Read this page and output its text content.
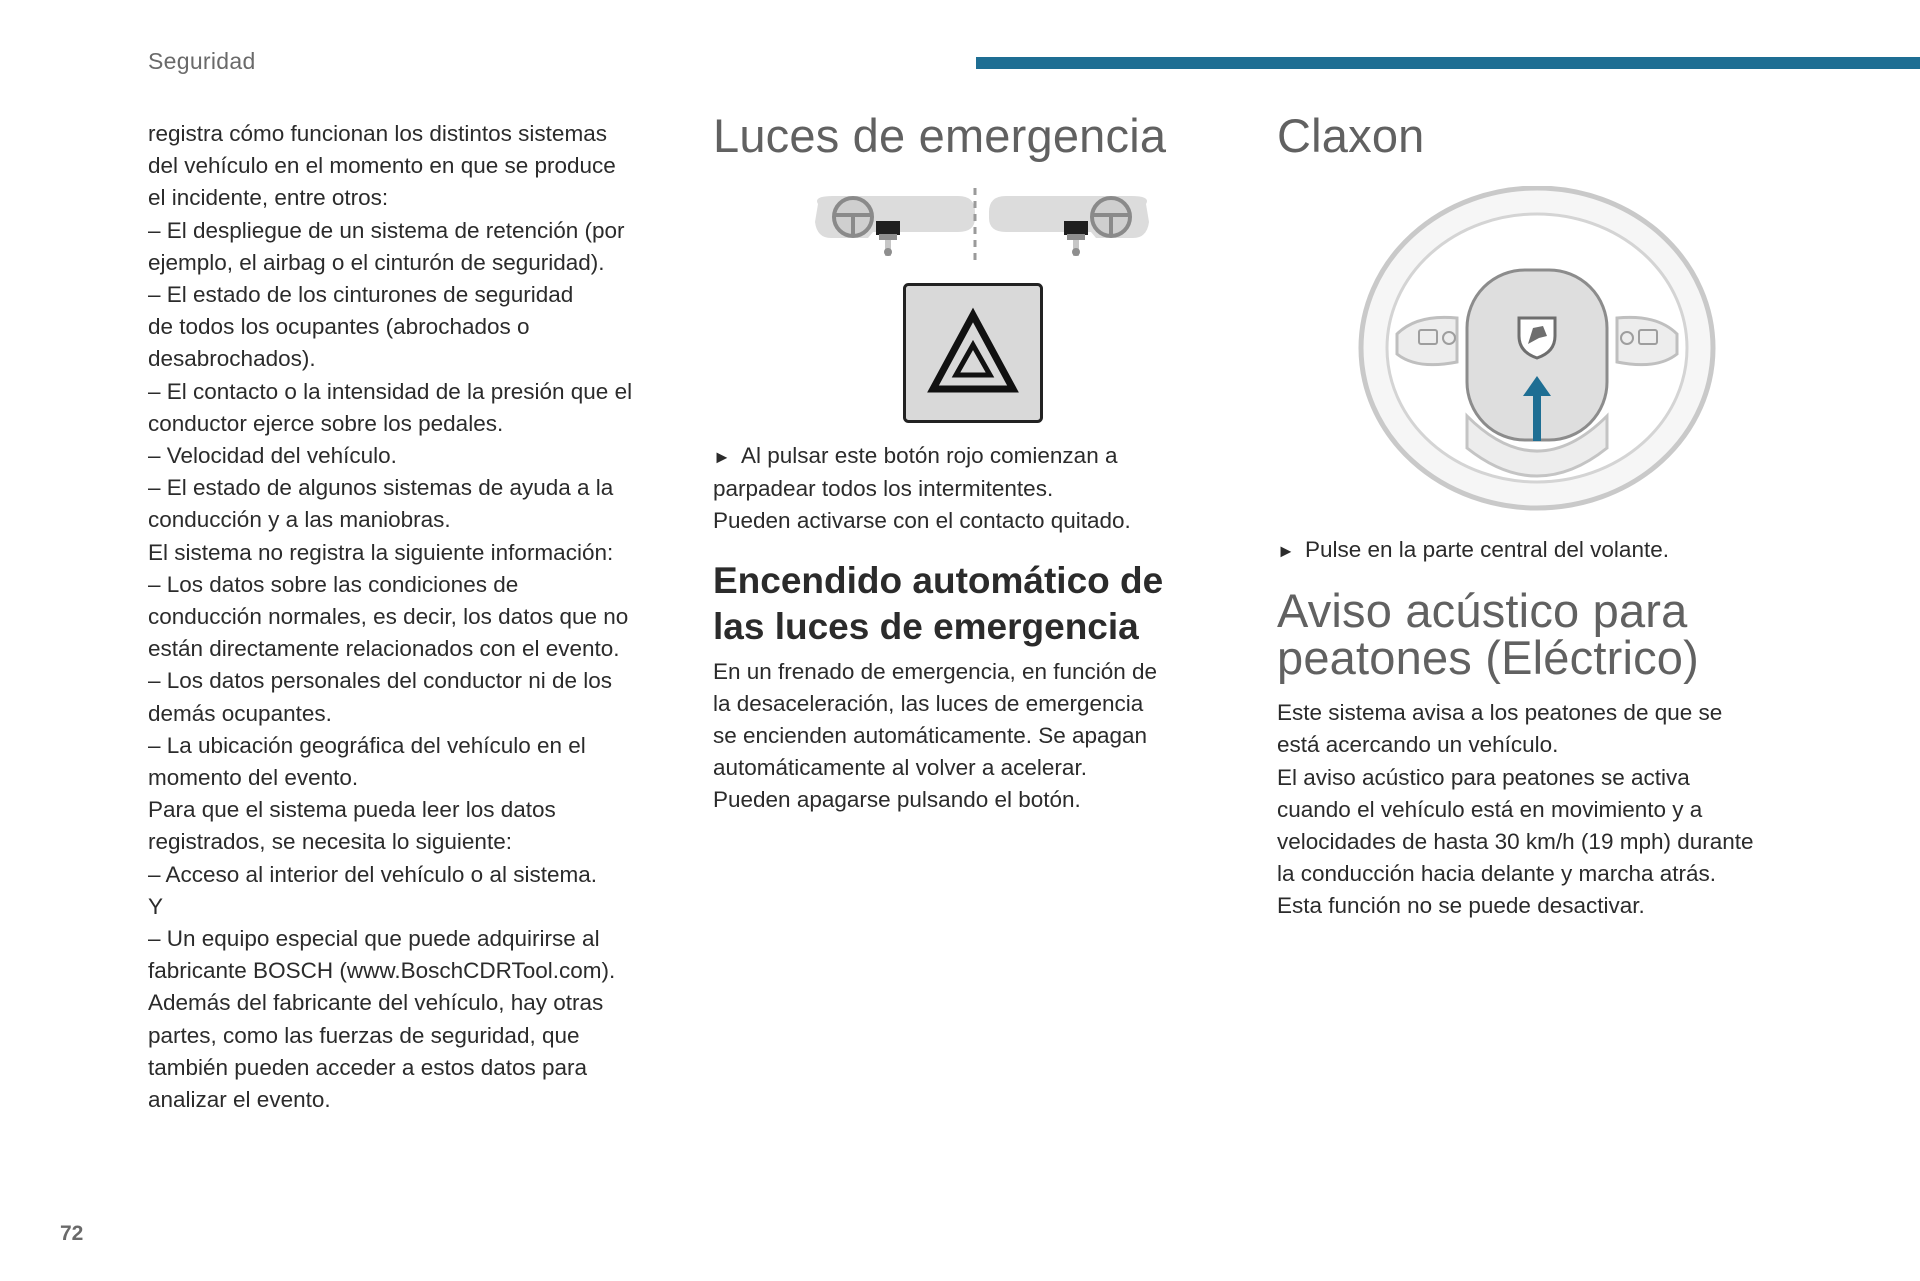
Seguridad

registra cómo funcionan los distintos sistemas
del vehículo en el momento en que se produce
el incidente, entre otros:
– El despliegue de un sistema de retención (por
ejemplo, el airbag o el cinturón de seguridad).
– El estado de los cinturones de seguridad
de todos los ocupantes (abrochados o
desabrochados).
– El contacto o la intensidad de la presión que el
conductor ejerce sobre los pedales.
– Velocidad del vehículo.
– El estado de algunos sistemas de ayuda a la
conducción y a las maniobras.
El sistema no registra la siguiente información:
– Los datos sobre las condiciones de
conducción normales, es decir, los datos que no
están directamente relacionados con el evento.
– Los datos personales del conductor ni de los
demás ocupantes.
– La ubicación geográfica del vehículo en el
momento del evento.
Para que el sistema pueda leer los datos
registrados, se necesita lo siguiente:
– Acceso al interior del vehículo o al sistema.
Y
– Un equipo especial que puede adquirirse al
fabricante BOSCH (www.BoschCDRTool.com).
Además del fabricante del vehículo, hay otras
partes, como las fuerzas de seguridad, que
también pueden acceder a estos datos para
analizar el evento.

Luces de emergencia

► Al pulsar este botón rojo comienzan a
parpadear todos los intermitentes.

Pueden activarse con el contacto quitado.

Encendido automático de
las luces de emergencia

En un frenado de emergencia, en función de
la desaceleración, las luces de emergencia
se encienden automáticamente. Se apagan
automáticamente al volver a acelerar.
Pueden apagarse pulsando el botón.

Claxon

► Pulse en la parte central del volante.

Aviso acústico para
peatones (Eléctrico)

Este sistema avisa a los peatones de que se
está acercando un vehículo.
El aviso acústico para peatones se activa
cuando el vehículo está en movimiento y a
velocidades de hasta 30 km/h (19 mph) durante
la conducción hacia delante y marcha atrás.
Esta función no se puede desactivar.

72
